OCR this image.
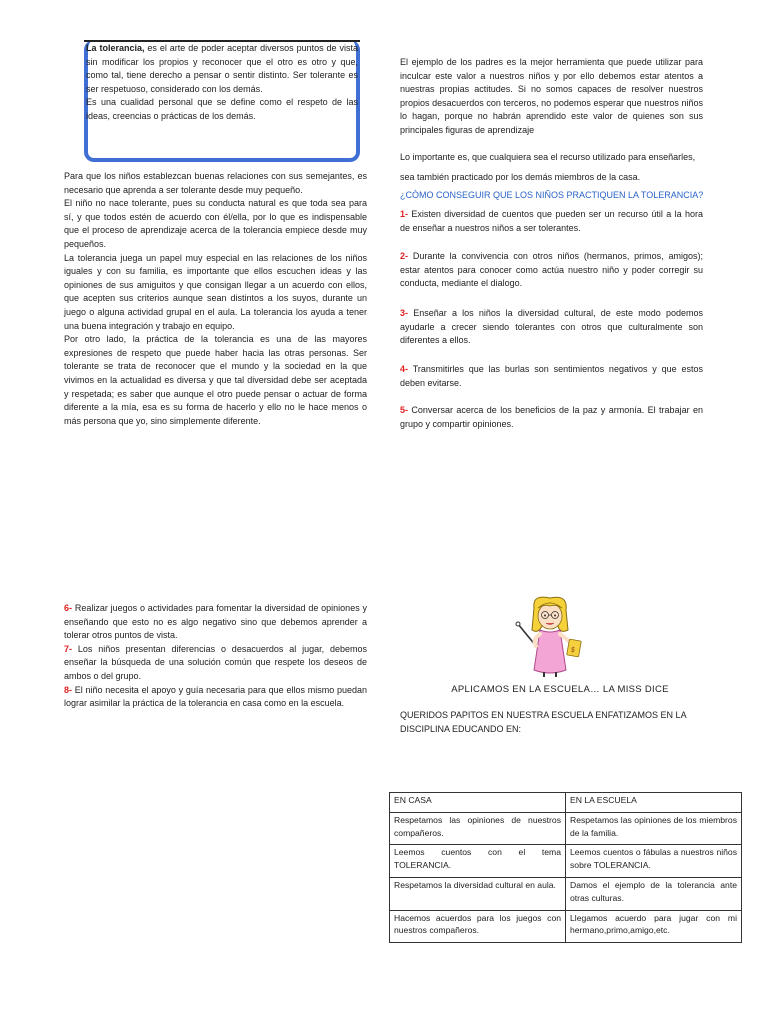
La tolerancia, es el arte de poder aceptar diversos puntos de vista sin modificar los propios y reconocer que el otro es otro y que, como tal, tiene derecho a pensar o sentir distinto. Ser tolerante es ser respetuoso, considerado con los demás.

Es una cualidad personal que se define como el respeto de las ideas, creencias o prácticas de los demás.

Para que los niños establezcan buenas relaciones con sus semejantes, es necesario que aprenda a ser tolerante desde muy pequeño.

El niño no nace tolerante, pues su conducta natural es que toda sea para sí, y que todos estén de acuerdo con él/ella, por lo que es indispensable que el proceso de aprendizaje acerca de la tolerancia empiece desde muy pequeños.

La tolerancia juega un papel muy especial en las relaciones de los niños iguales y con su familia, es importante que ellos escuchen ideas y las opiniones de sus amiguitos y que consigan llegar a un acuerdo con ellos, que acepten sus criterios aunque sean distintos a los suyos, durante un juego o alguna actividad grupal en el aula. La tolerancia los ayuda a tener una buena integración y trabajo en equipo.

Por otro lado, la práctica de la tolerancia es una de las mayores expresiones de respeto que puede haber hacia las otras personas. Ser tolerante se trata de reconocer que el mundo y la sociedad en la que vivimos en la actualidad es diversa y que tal diversidad debe ser aceptada y respetada; es saber que aunque el otro puede pensar o actuar de forma diferente a la mía, esa es su forma de hacerlo y ello no le hace menos o más persona que yo, sino simplemente diferente.

El ejemplo de los padres es la mejor herramienta que puede utilizar para inculcar este valor a nuestros niños y por ello debemos estar atentos a nuestras propias actitudes. Si no somos capaces de resolver nuestros propios desacuerdos con terceros, no podemos esperar que nuestros niños lo hagan, porque no habrán aprendido este valor de quienes son sus principales figuras de aprendizaje
Lo importante es, que cualquiera sea el recurso utilizado para enseñarles,
sea también practicado por los demás miembros de la casa.
¿CÒMO CONSEGUIR QUE LOS NIÑOS PRACTIQUEN LA TOLERANCIA?
1- Existen diversidad de cuentos que pueden ser un recurso útil a la hora de enseñar a nuestros niños a ser tolerantes.
2- Durante la convivencia con otros niños (hermanos, primos, amigos); estar atentos para conocer como actúa nuestro niño y poder corregir su conducta, mediante el dialogo.
3- Enseñar a los niños la diversidad cultural, de este modo podemos ayudarle a crecer siendo tolerantes con otros que culturalmente son diferentes a ellos.
4- Transmitirles que las burlas son sentimientos negativos y que estos deben evitarse.
5- Conversar acerca de los beneficios de la paz y armonía. El trabajar en grupo y compartir opiniones.

6- Realizar juegos o actividades para fomentar la diversidad de opiniones y enseñando que esto no es algo negativo sino que debemos aprender a tolerar otros puntos de vista.

7- Los niños presentan diferencias o desacuerdos al jugar, debemos enseñar la búsqueda de una solución común que respete los deseos de ambos o del grupo.

8- El niño necesita el apoyo y guía necesaria para que ellos mismo puedan lograr asimilar la práctica de la tolerancia en casa como en la escuela.

$
APLICAMOS EN LA ESCUELA… LA MISS DICE
QUERIDOS PAPITOS EN NUESTRA ESCUELA ENFATIZAMOS EN LA DISCIPLINA EDUCANDO EN:
EN CASA	EN LA ESCUELA
Respetamos las opiniones de nuestros compañeros.	Respetamos las opiniones de los miembros de la familia.
Leemos cuentos con el tema TOLERANCIA.	Leemos cuentos o fábulas a nuestros niños sobre TOLERANCIA.
Respetamos la diversidad cultural en aula.	Damos el ejemplo de la tolerancia ante otras culturas.
Hacemos acuerdos para los juegos con nuestros compañeros.	Llegamos acuerdo para jugar con mi hermano,primo,amigo,etc.
